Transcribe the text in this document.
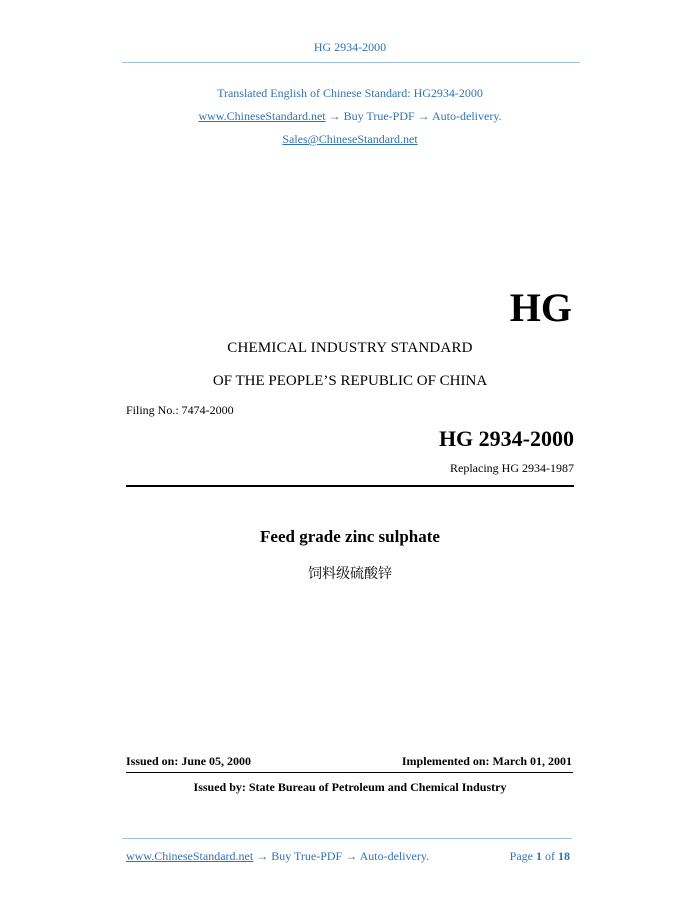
HG 2934-2000
Translated English of Chinese Standard: HG2934-2000
www.ChineseStandard.net → Buy True-PDF → Auto-delivery.
Sales@ChineseStandard.net
HG
CHEMICAL INDUSTRY STANDARD
OF THE PEOPLE’S REPUBLIC OF CHINA
Filing No.: 7474-2000
HG 2934-2000
Replacing HG 2934-1987
Feed grade zinc sulphate
饲料级硫酸锌
Issued on: June 05, 2000	Implemented on: March 01, 2001
Issued by: State Bureau of Petroleum and Chemical Industry
www.ChineseStandard.net → Buy True-PDF → Auto-delivery.	Page 1 of 18
